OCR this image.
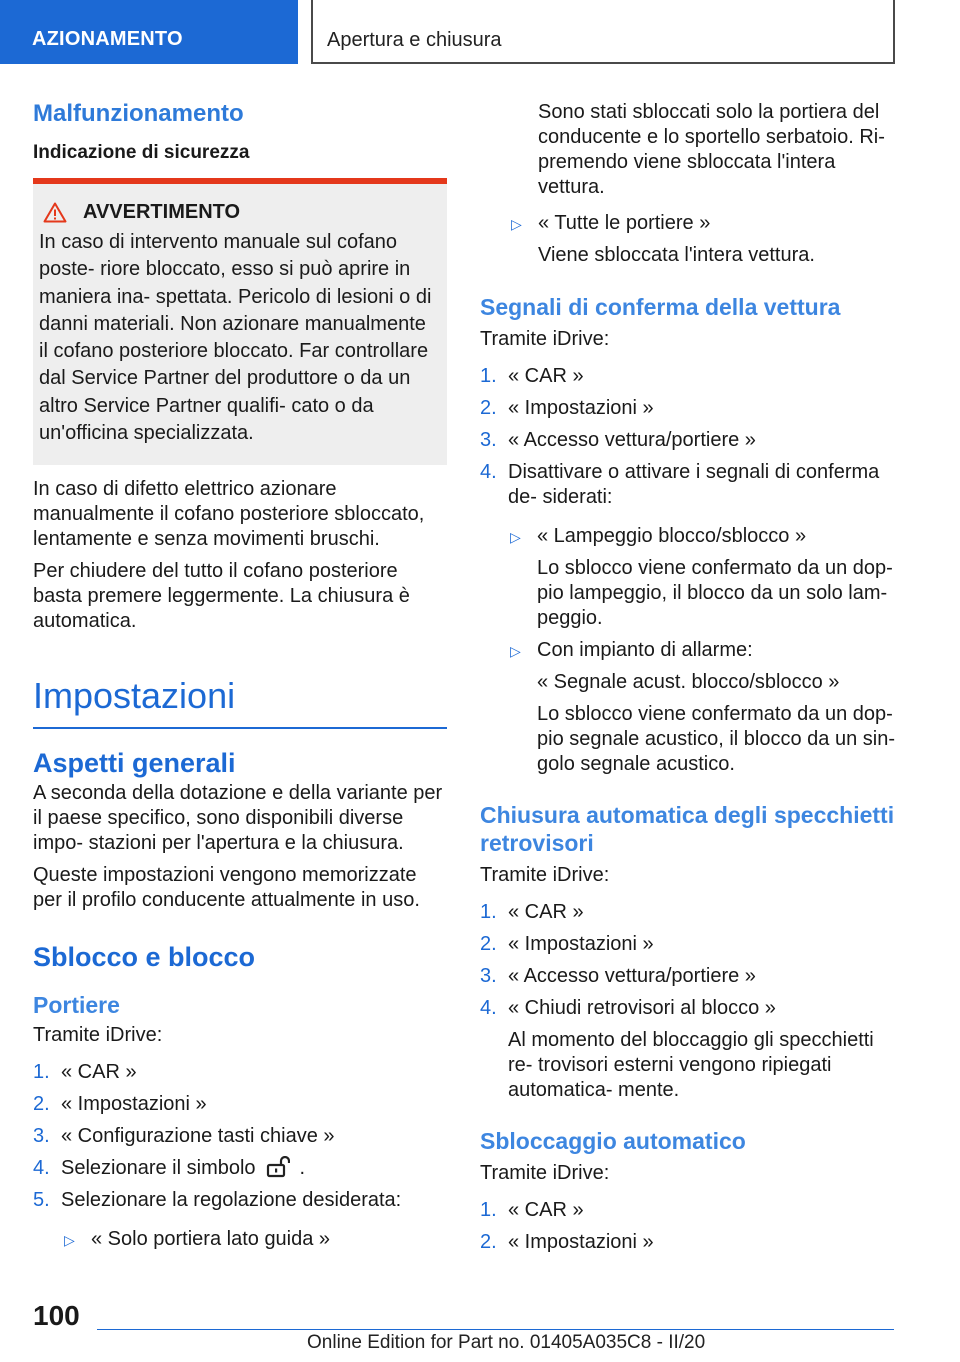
AZIONAMENTO	Apertura e chiusura
Malfunzionamento
Indicazione di sicurezza
AVVERTIMENTO
In caso di intervento manuale sul cofano poste- riore bloccato, esso si può aprire in maniera ina- spettata. Pericolo di lesioni o di danni materiali. Non azionare manualmente il cofano posteriore bloccato. Far controllare dal Service Partner del produttore o da un altro Service Partner qualifi- cato o da un'officina specializzata.

In caso di difetto elettrico azionare manualmente il cofano posteriore sbloccato, lentamente e senza movimenti bruschi.

Per chiudere del tutto il cofano posteriore basta premere leggermente. La chiusura è automatica.

Impostazioni
Aspetti generali

A seconda della dotazione e della variante per il paese specifico, sono disponibili diverse impo- stazioni per l'apertura e la chiusura.

Queste impostazioni vengono memorizzate per il profilo conducente attualmente in uso.

Sblocco e blocco
Portiere

Tramite iDrive:

1. « CAR »
2. « Impostazioni »
3. « Configurazione tasti chiave »
4. Selezionare il simbolo .
5. Selezionare la regolazione desiderata:
▷ « Solo portiera lato guida »
Sono stati sbloccati solo la portiera del conducente e lo sportello serbatoio. Ri- premendo viene sbloccata l'intera vettura.
▷ « Tutte le portiere »
Viene sbloccata l'intera vettura.
Segnali di conferma della vettura

Tramite iDrive:

1. « CAR »
2. « Impostazioni »
3. « Accesso vettura/portiere »
4. Disattivare o attivare i segnali di conferma de- siderati:
▷ « Lampeggio blocco/sblocco »
Lo sblocco viene confermato da un dop- pio lampeggio, il blocco da un solo lam- peggio.
▷ Con impianto di allarme:
« Segnale acust. blocco/sblocco »
Lo sblocco viene confermato da un dop- pio segnale acustico, il blocco da un sin- golo segnale acustico.
Chiusura automatica degli specchietti retrovisori

Tramite iDrive:

1. « CAR »
2. « Impostazioni »
3. « Accesso vettura/portiere »
4. « Chiudi retrovisori al blocco »
Al momento del bloccaggio gli specchietti re- trovisori esterni vengono ripiegati automatica- mente.
Sbloccaggio automatico

Tramite iDrive:

1. « CAR »
2. « Impostazioni »
100
Online Edition for Part no. 01405A035C8 - II/20
